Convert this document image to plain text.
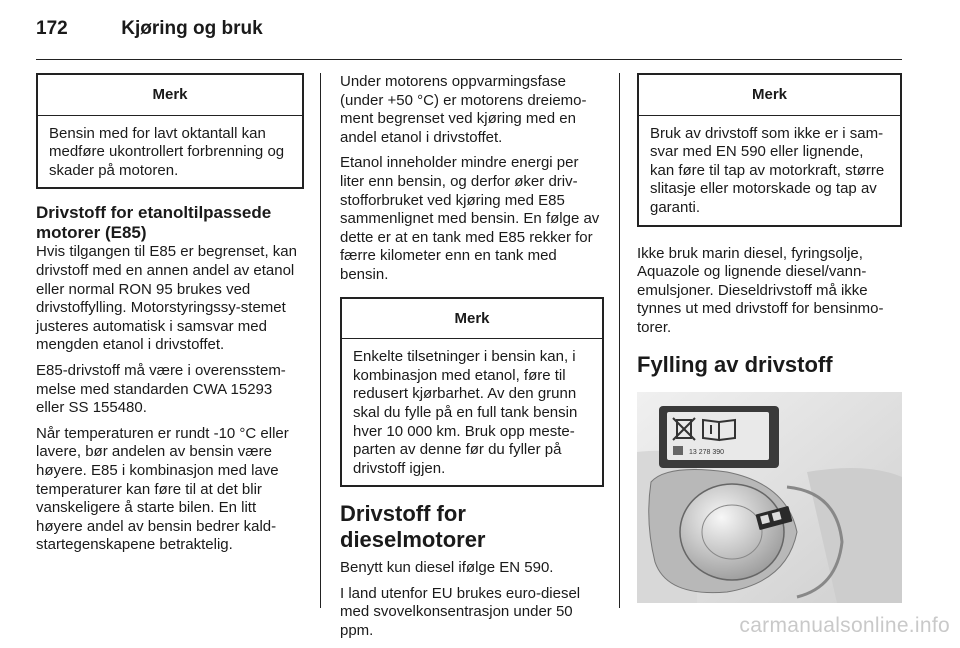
172	Kjøring og bruk
Merk

Bensin med for lavt oktantall kan medføre ukontrollert forbrenning og skader på motoren.

Drivstoff for etanoltilpassede motorer (E85)

Hvis tilgangen til E85 er begrenset, kan drivstoff med en annen andel av etanol eller normal RON 95 brukes ved drivstoffylling. Motorstyringssy-stemet justeres automatisk i samsvar med mengden etanol i drivstoffet.

E85-drivstoff må være i overensstem-melse med standarden CWA 15293 eller SS 155480.

Når temperaturen er rundt -10 °C eller lavere, bør andelen av bensin være høyere. E85 i kombinasjon med lave temperaturer kan føre til at det blir vanskeligere å starte bilen. En litt høyere andel av bensin bedrer kald-startegenskapene betraktelig.

Under motorens oppvarmingsfase (under +50 °C) er motorens dreiemo-ment begrenset ved kjøring med en andel etanol i drivstoffet.

Etanol inneholder mindre energi per liter enn bensin, og derfor øker driv-stofforbruket ved kjøring med E85 sammenlignet med bensin. En følge av dette er at en tank med E85 rekker for færre kilometer enn en tank med bensin.

Merk

Enkelte tilsetninger i bensin kan, i kombinasjon med etanol, føre til redusert kjørbarhet. Av den grunn skal du fylle på en full tank bensin hver 10 000 km. Bruk opp meste-parten av denne før du fyller på drivstoff igjen.

Drivstoff for dieselmotorer

Benytt kun diesel ifølge EN 590.

I land utenfor EU brukes euro-diesel med svovelkonsentrasjon under 50 ppm.

Merk

Bruk av drivstoff som ikke er i sam-svar med EN 590 eller lignende, kan føre til tap av motorkraft, større slitasje eller motorskade og tap av garanti.

Ikke bruk marin diesel, fyringsolje, Aquazole og lignende diesel/vann-emulsjoner. Dieseldrivstoff må ikke tynnes ut med drivstoff for bensinmo-torer.

Fylling av drivstoff
13 278 390
carmanualsonline.info
